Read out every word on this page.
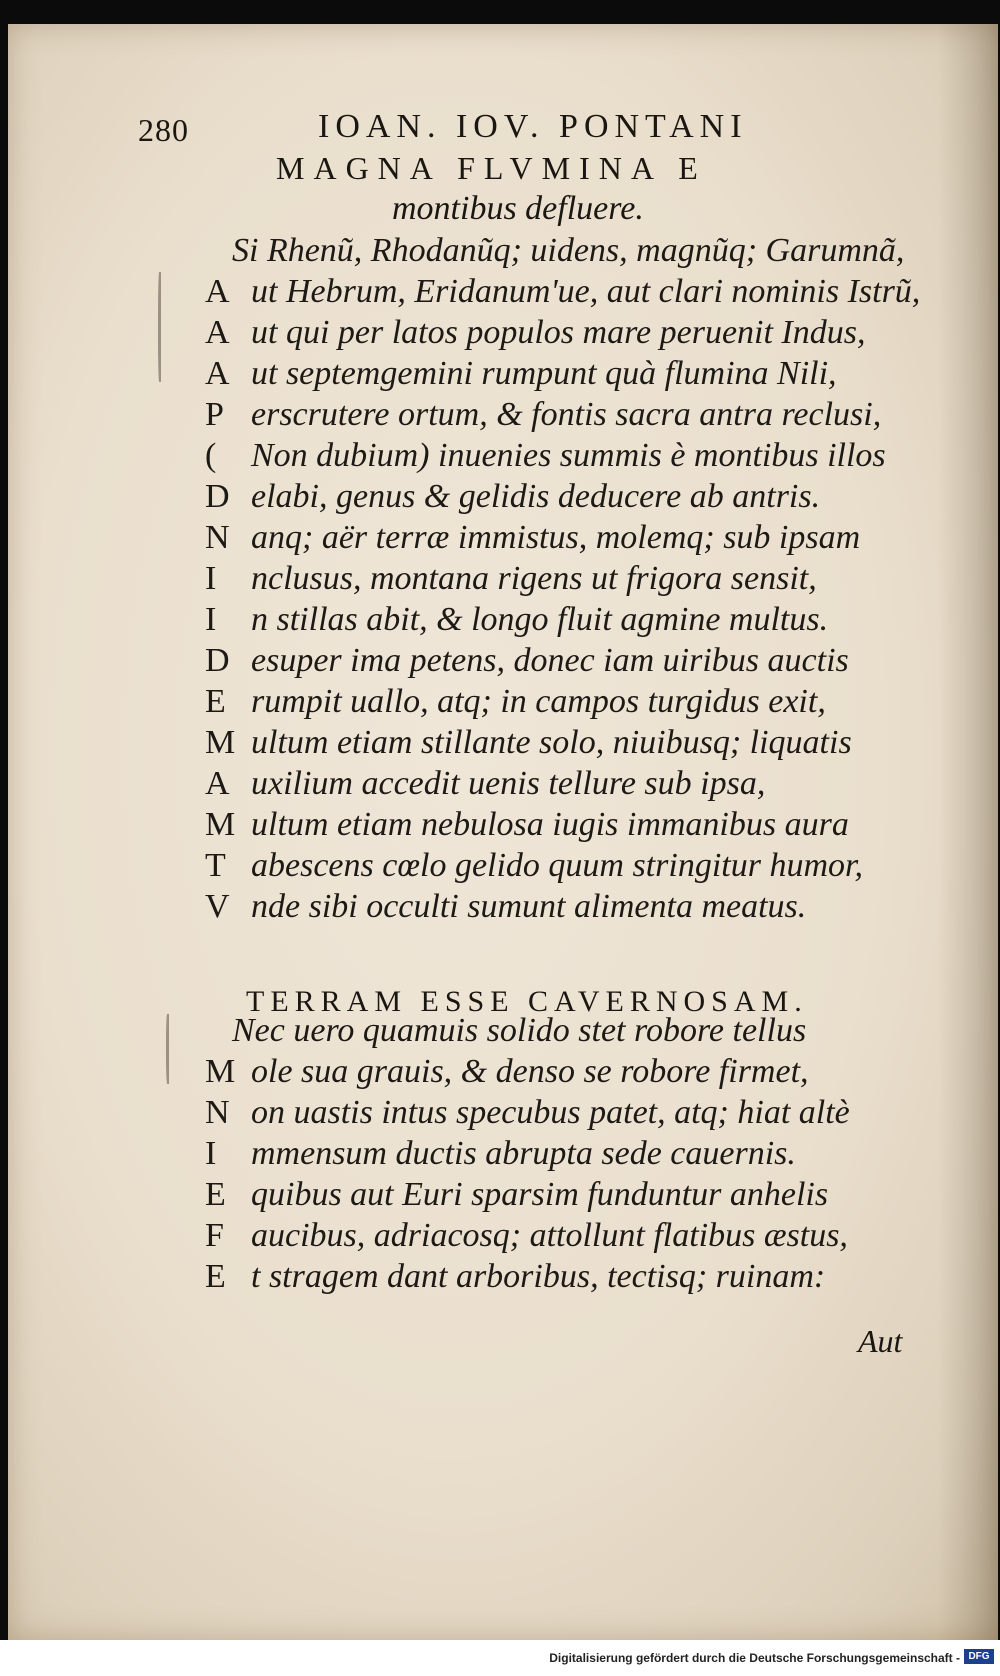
280	IOAN. IOV. PONTANI
MAGNA FLVMINA E
montibus defluere.
Si Rhenũ, Rhodanũq; uidens, magnũq; Garumnã,
A ut Hebrum, Eridanum'ue, aut clari nominis Istrũ,
A ut qui per latos populos mare peruenit Indus,
A ut septemgemini rumpunt quà flumina Nili,
P erscrutere ortum, & fontis sacra antra reclusi,
( Non dubium) inuenies summis è montibus illos
D elabi, genus & gelidis deducere ab antris.
N anq; aër terræ immistus, molemq; sub ipsam
I nclusus, montana rigens ut frigora sensit,
I n stillas abit, & longo fluit agmine multus.
D esuper ima petens, donec iam uiribus auctis
E rumpit uallo, atq; in campos turgidus exit,
M ultum etiam stillante solo, niuibusq; liquatis
A uxilium accedit uenis tellure sub ipsa,
M ultum etiam nebulosa iugis immanibus aura
T abescens cœlo gelido quum stringitur humor,
V nde sibi occulti sumunt alimenta meatus.
TERRAM ESSE CAVERNOSAM.
Nec uero quamuis solido stet robore tellus
M ole sua grauis, & denso se robore firmet,
N on uastis intus specubus patet, atq; hiat altè
I mmensum ductis abrupta sede cauernis.
E quibus aut Euri sparsim funduntur anhelis
F aucibus, adriacosq; attollunt flatibus æstus,
E t stragem dant arboribus, tectisq; ruinam:
Aut
Digitalisierung gefördert durch die Deutsche Forschungsgemeinschaft - DFG
